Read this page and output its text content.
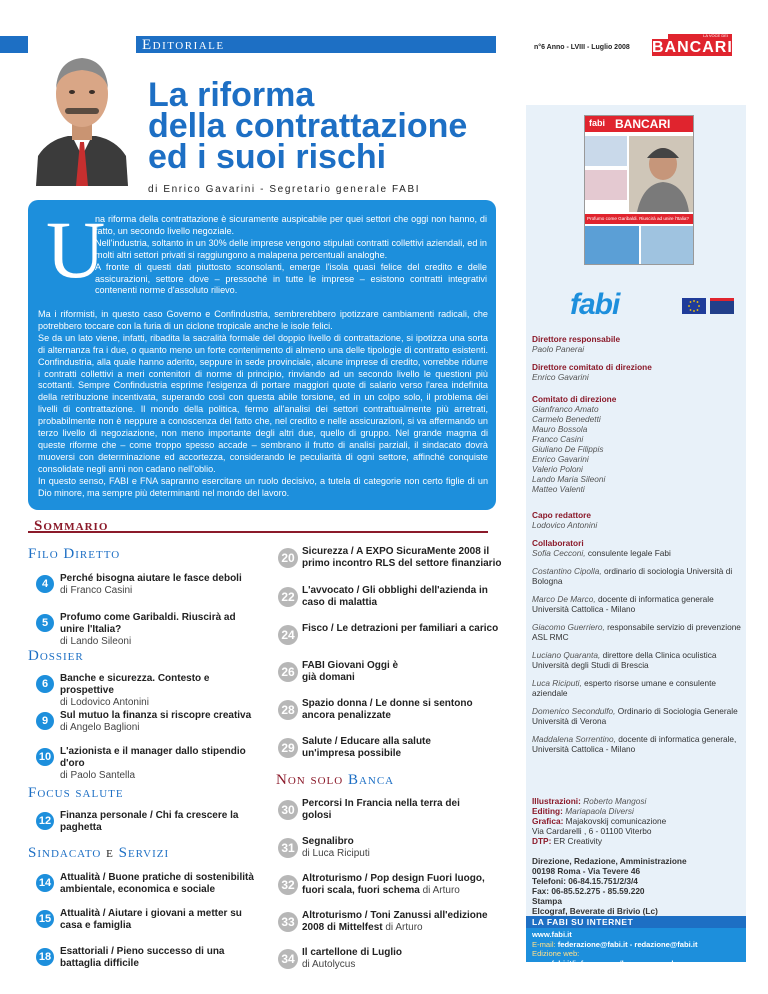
Editoriale	n°6 Anno - LVIII - Luglio 2008
LA VOCE DEI
BANCARI
La riforma
della contrattazione
ed i suoi rischi
di Enrico Gavarini - Segretario generale FABI
U

na riforma della contrattazione è sicuramente auspicabile per quei settori che oggi non hanno, di fatto, un secondo livello negoziale.

Nell'industria, soltanto in un 30% delle imprese vengono stipulati contratti collettivi aziendali, ed in molti altri settori privati si raggiungono a malapena percentuali analoghe.

A fronte di questi dati piuttosto sconsolanti, emerge l'isola quasi felice del credito e delle assicurazioni, settore dove – pressoché in tutte le imprese – esistono contratti integrativi contenenti norme d'assoluto rilievo.

Ma i riformisti, in questo caso Governo e Confindustria, sembrerebbero ipotizzare cambiamenti radicali, che potrebbero toccare con la furia di un ciclone tropicale anche le isole felici.

Se da un lato viene, infatti, ribadita la sacralità formale del doppio livello di contrattazione, si ipotizza una sorta di alternanza fra i due, o quanto meno un forte contenimento di almeno una delle tipologie di contratto esistenti. Confindustria, alla quale hanno aderito, seppure in sede provinciale, alcune imprese di credito, vorrebbe ridurre i contratti collettivi a meri contenitori di norme di principio, rinviando ad un secondo livello le questioni più scottanti. Sempre Confindustria esprime l'esigenza di portare maggiori quote di salario verso l'area indefinita della retribuzione incentivata, superando così con questa abile torsione, ed in un colpo solo, il problema dei livelli di contrattazione. Il mondo della politica, fermo all'analisi dei settori contrattualmente più arretrati, probabilmente non è neppure a conoscenza del fatto che, nel credito e nelle assicurazioni, si va affermando un terzo livello di negoziazione, non meno importante degli altri due, quello di gruppo. Nel grande magma di queste riforme che – come troppo spesso accade – sembrano il frutto di analisi parziali, il sindacato dovrà muoversi con determinazione ed accortezza, considerando le peculiarità di ogni settore, affinché conquiste consolidate negli anni non cadano nell'oblio.

In questo senso, FABI e FNA sapranno esercitare un ruolo decisivo, a tutela di categorie non certo figlie di un Dio minore, ma sempre più determinanti nel mondo del lavoro.

Sommario
Filo Diretto
4	Perché bisogna aiutare le fasce deboli
di Franco Casini
5	Profumo come Garibaldi. Riuscirà ad unire l'Italia?
di Lando Sileoni
Dossier
6	Banche e sicurezza. Contesto e prospettive
di Lodovico Antonini
9	Sul mutuo la finanza si riscopre creativa
di Angelo Baglioni
10 L'azionista e il manager dallo stipendio d'oro
di Paolo Santella
Focus salute
12 Finanza personale / Chi fa crescere la paghetta
Sindacato e Servizi
14 Attualità / Buone pratiche di sostenibilità ambientale, economica e sociale
15 Attualità / Aiutare i giovani a metter su casa e famiglia
18 Esattoriali / Pieno successo di una battaglia difficile
20 Sicurezza / A EXPO SicuraMente 2008 il primo incontro RLS del settore finanziario
22 L'avvocato / Gli obblighi dell'azienda in caso di malattia
24 Fisco / Le detrazioni per familiari a carico
26 FABI Giovani Oggi è già domani
28 Spazio donna / Le donne si sentono ancora penalizzate
29 Salute / Educare alla salute un'impresa possibile
Non solo Banca
30 Percorsi In Francia nella terra dei golosi
31 Segnalibro
di Luca Riciputi
32 Altroturismo / Pop design Fuori luogo, fuori scala, fuori schema di Arturo
33 Altroturismo / Toni Zanussi all'edizione 2008 di Mittelfest di Arturo
34 Il cartellone di Luglio
di Autolycus
fabi BANCARI
Profumo come Garibaldi. Riuscirà ad unire l'Italia?
fabi
Direttore responsabile
Paolo Panerai
Direttore comitato di direzione
Enrico Gavarini
Comitato di direzione
Gianfranco Amato
Carmelo Benedetti
Mauro Bossola
Franco Casini
Giuliano De Filippis
Enrico Gavarini
Valerio Poloni
Lando Maria Sileoni
Matteo Valenti
Capo redattore
Lodovico Antonini
Collaboratori
Sofia Cecconi, consulente legale Fabi
Costantino Cipolla, ordinario di sociologia Università di Bologna
Marco De Marco, docente di informatica generale Università Cattolica - Milano
Giacomo Guerriero, responsabile servizio di prevenzione ASL RMC
Luciano Quaranta, direttore della Clinica oculistica Università degli Studi di Brescia
Luca Riciputi, esperto risorse umane e consulente aziendale
Domenico Secondulfo, Ordinario di Sociologia Generale Università di Verona
Maddalena Sorrentino, docente di informatica generale, Università Cattolica - Milano
Illustrazioni: Roberto Mangosi
Editing: Mariapaola Diversi
Grafica: Majakovskij comunicazione
Via Cardarelli , 6 - 01100 Viterbo
DTP: ER Creativity
Direzione, Redazione, Amministrazione
00198 Roma - Via Tevere 46
Telefoni: 06-84.15.751/2/3/4
Fax: 06-85.52.275 - 85.59.220
Stampa
Elcograf, Beverate di Brivio (Lc)
LA FABI SU INTERNET
www.fabi.it
E-mail: federazione@fabi.it - redazione@fabi.it
Edizione web:
www.fabi.it/info_e_news/la_voce_annale.asp
